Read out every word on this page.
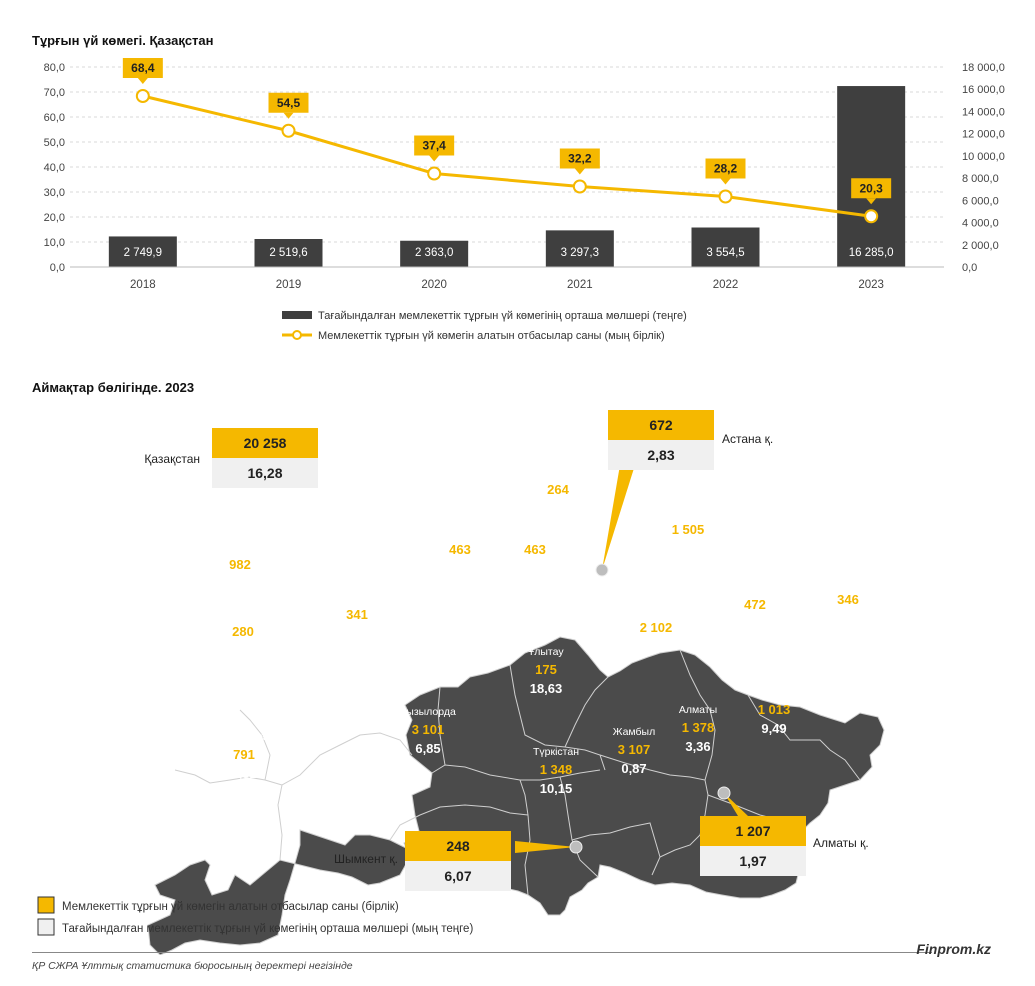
Тұрғын үй көмегі. Қазақстан
0,0
10,0
20,0
30,0
40,0
50,0
60,0
70,0
80,0
0,0
2 000,0
4 000,0
6 000,0
8 000,0
10 000,0
12 000,0
14 000,0
16 000,0
18 000,0
2 749,9	2 519,6	2 363,0	3 297,3	3 554,5	16 285,0
2018	2019	2020	2021	2022	2023
68,4
54,5
37,4
32,2
28,2
20,3
Тағайындалған мемлекеттік тұрғын үй көмегінің орташа мөлшері (теңге)
Мемлекеттік тұрғын үй көмегін алатын отбасылар саны (мың бірлік)
Аймақтар бөлігінде. 2023
СҚО
264
2,58	Павлодар
1 505
2,40
Қостанай
463
6,96
Ақмола
463
5,20
БҚО
982
2,20	Абай
472
2,34
ШҚО
346
2,92
Ақтөбе
341
1,70
Атырауская
280
2,08
Қарағанды
2 102
2,94
Ұлытау
175
18,63	Жетісу
1 013
9,49
Алматы
1 378
3,36
Қызылорда
3 101
6,85
Маңғыстау
791
5,51
Жамбыл
3 107
0,87
Түркістан
1 348
10,15
20 258
16,28
Қазақстан
672
2,83
Астана қ.
248
6,07
Шымкент қ.
1 207
1,97
Алматы қ.
Мемлекеттік тұрғын үй көмегін алатын отбасылар саны (бірлік)
Тағайындалған мемлекеттік тұрғын үй көмегінің орташа мөлшері (мың теңге)
Finprom.kz
ҚР СЖРА Ұлттық статистика бюросының деректері негізінде
